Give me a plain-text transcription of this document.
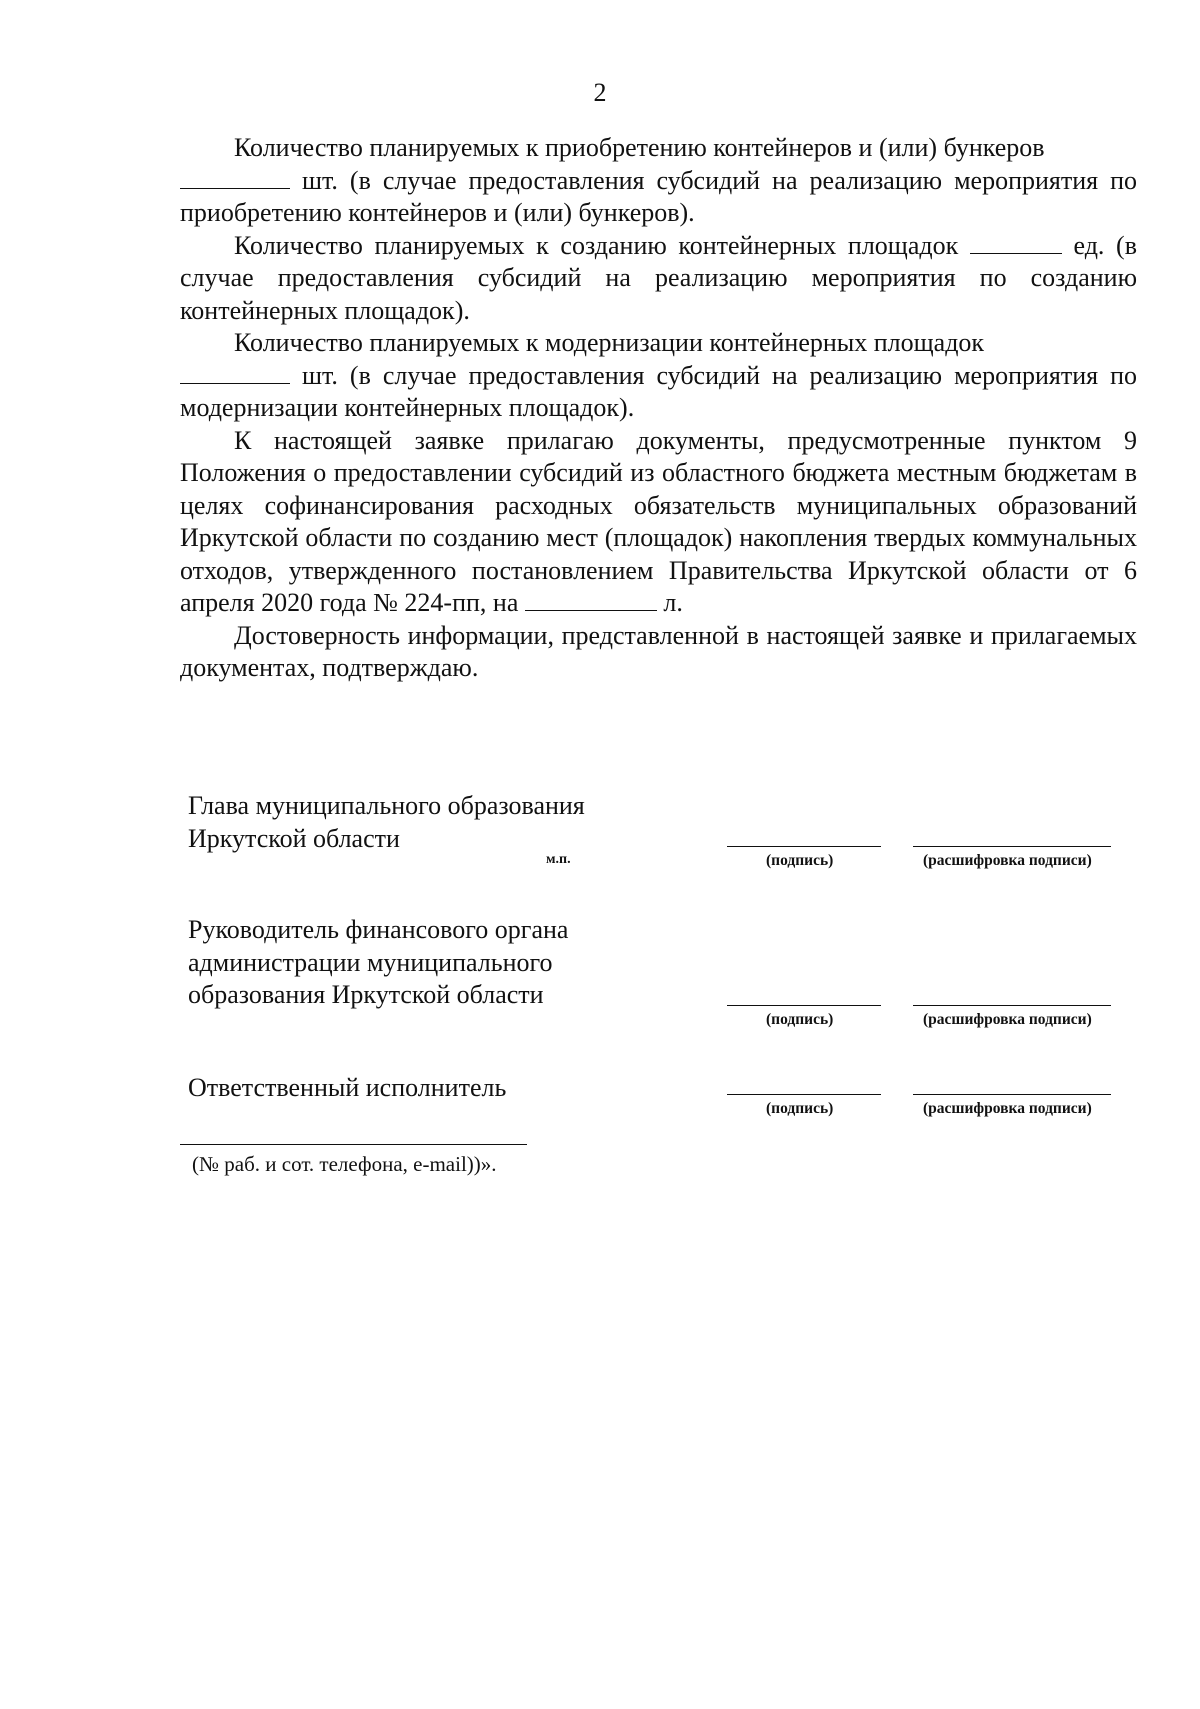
2

Количество планируемых к приобретению контейнеров и (или) бункеров
шт. (в случае предоставления субсидий на реализацию мероприятия по приобретению контейнеров и (или) бункеров).

Количество планируемых к созданию контейнерных площадок	ед. (в случае предоставления субсидий на реализацию мероприятия по созданию контейнерных площадок).

Количество планируемых к модернизации контейнерных площадок
шт. (в случае предоставления субсидий на реализацию мероприятия по модернизации контейнерных площадок).

К настоящей заявке прилагаю документы, предусмотренные пунктом 9 Положения о предоставлении субсидий из областного бюджета местным бюджетам в целях софинансирования расходных обязательств муниципальных образований Иркутской области по созданию мест (площадок) накопления твердых коммунальных отходов, утвержденного постановлением Правительства Иркутской области от 6 апреля 2020 года № 224-пп, на	л.

Достоверность информации, представленной в настоящей заявке и прилагаемых документах, подтверждаю.

Глава муниципального образования
Иркутской области
м.п.	(подпись)	(расшифровка подписи)
Руководитель финансового органа
администрации муниципального
образования Иркутской области
(подпись)	(расшифровка подписи)
Ответственный исполнитель
(подпись)	(расшифровка подписи)
(№ раб. и сот. телефона, e-mail))».
